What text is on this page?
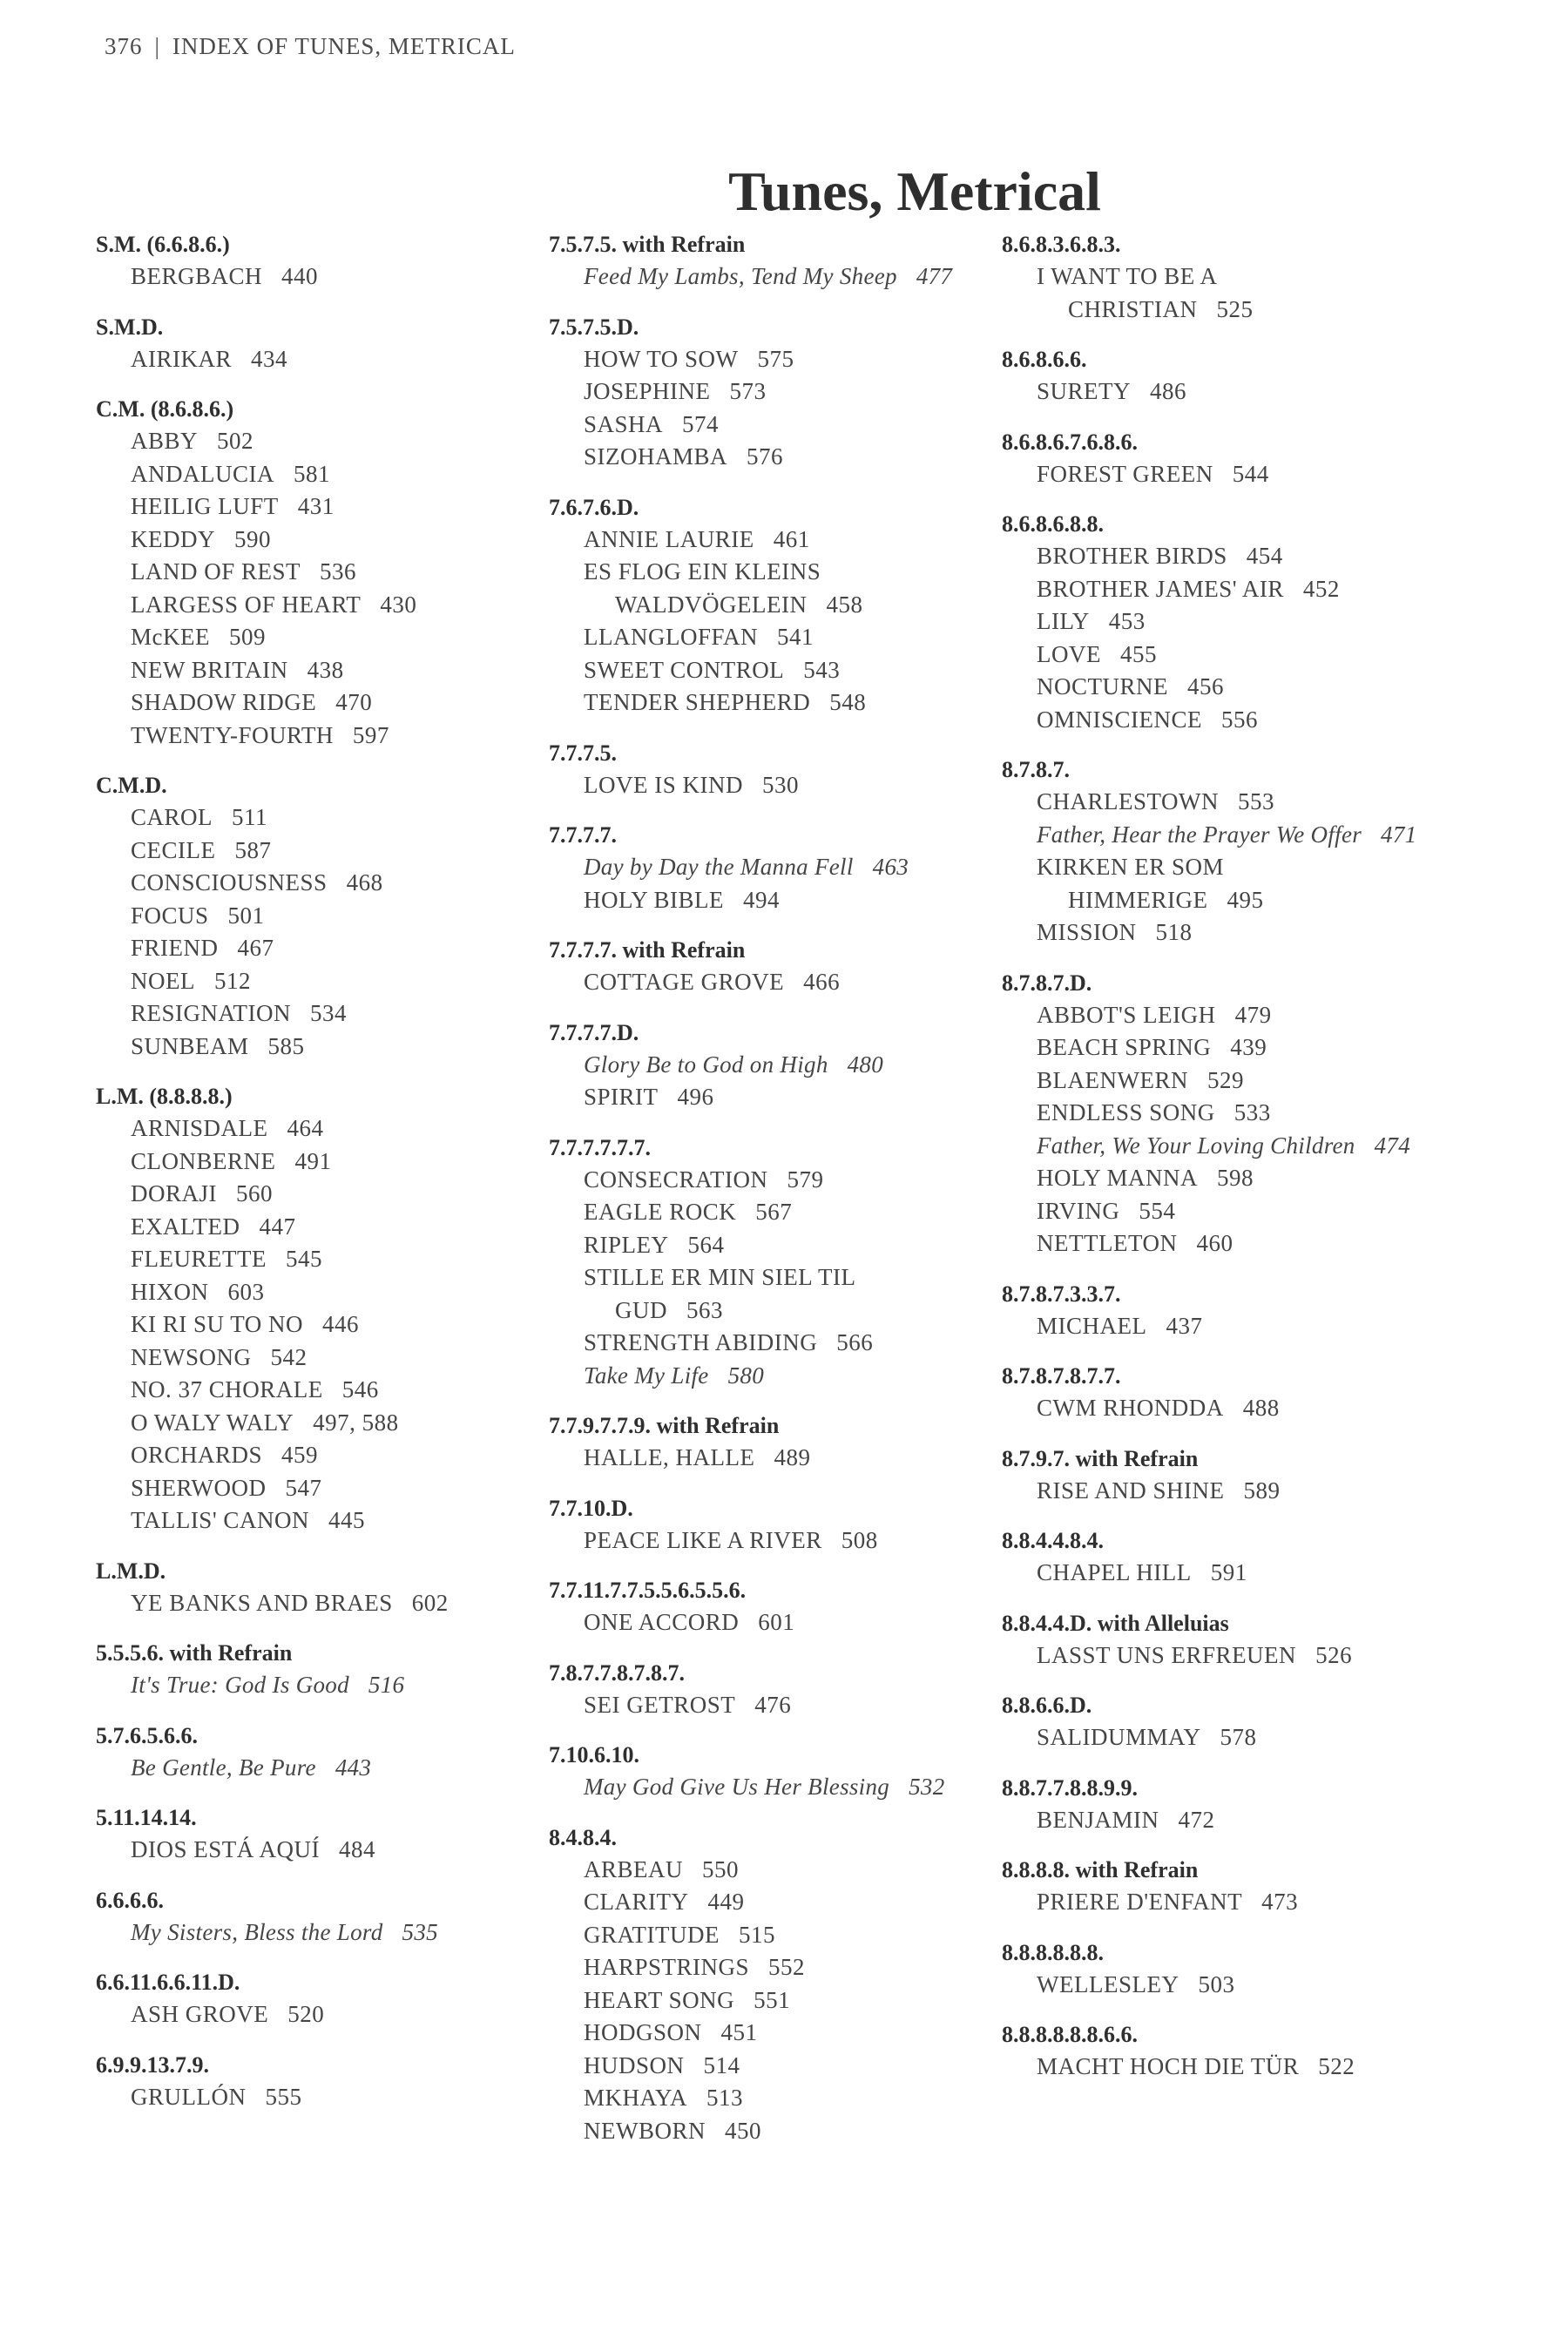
376 | INDEX OF TUNES, METRICAL
Tunes, Metrical
S.M. (6.6.8.6.)
BERGBACH 440
S.M.D.
AIRIKAR 434
C.M. (8.6.8.6.)
ABBY 502
ANDALUCIA 581
HEILIG LUFT 431
KEDDY 590
LAND OF REST 536
LARGESS OF HEART 430
McKEE 509
NEW BRITAIN 438
SHADOW RIDGE 470
TWENTY-FOURTH 597
C.M.D.
CAROL 511
CECILE 587
CONSCIOUSNESS 468
FOCUS 501
FRIEND 467
NOEL 512
RESIGNATION 534
SUNBEAM 585
L.M. (8.8.8.8.)
ARNISDALE 464
CLONBERNE 491
DORAJI 560
EXALTED 447
FLEURETTE 545
HIXON 603
KI RI SU TO NO 446
NEWSONG 542
NO. 37 CHORALE 546
O WALY WALY 497, 588
ORCHARDS 459
SHERWOOD 547
TALLIS' CANON 445
L.M.D.
YE BANKS AND BRAES 602
5.5.5.6. with Refrain
It's True: God Is Good 516
5.7.6.5.6.6.
Be Gentle, Be Pure 443
5.11.14.14.
DIOS ESTÁ AQUÍ 484
6.6.6.6.
My Sisters, Bless the Lord 535
6.6.11.6.6.11.D.
ASH GROVE 520
6.9.9.13.7.9.
GRULLÓN 555
7.5.7.5. with Refrain
Feed My Lambs, Tend My Sheep 477
7.5.7.5.D.
HOW TO SOW 575
JOSEPHINE 573
SASHA 574
SIZOHAMBA 576
7.6.7.6.D.
ANNIE LAURIE 461
ES FLOG EIN KLEINS
WALDVÖGELEIN 458
LLANGLOFFAN 541
SWEET CONTROL 543
TENDER SHEPHERD 548
7.7.7.5.
LOVE IS KIND 530
7.7.7.7.
Day by Day the Manna Fell 463
HOLY BIBLE 494
7.7.7.7. with Refrain
COTTAGE GROVE 466
7.7.7.7.D.
Glory Be to God on High 480
SPIRIT 496
7.7.7.7.7.7.
CONSECRATION 579
EAGLE ROCK 567
RIPLEY 564
STILLE ER MIN SIEL TIL
GUD 563
STRENGTH ABIDING 566
Take My Life 580
7.7.9.7.7.9. with Refrain
HALLE, HALLE 489
7.7.10.D.
PEACE LIKE A RIVER 508
7.7.11.7.7.5.5.6.5.5.6.
ONE ACCORD 601
7.8.7.7.8.7.8.7.
SEI GETROST 476
7.10.6.10.
May God Give Us Her Blessing 532
8.4.8.4.
ARBEAU 550
CLARITY 449
GRATITUDE 515
HARPSTRINGS 552
HEART SONG 551
HODGSON 451
HUDSON 514
MKHAYA 513
NEWBORN 450
8.6.8.3.6.8.3.
I WANT TO BE A
CHRISTIAN 525
8.6.8.6.6.
SURETY 486
8.6.8.6.7.6.8.6.
FOREST GREEN 544
8.6.8.6.8.8.
BROTHER BIRDS 454
BROTHER JAMES' AIR 452
LILY 453
LOVE 455
NOCTURNE 456
OMNISCIENCE 556
8.7.8.7.
CHARLESTOWN 553
Father, Hear the Prayer We Offer 471
KIRKEN ER SOM
HIMMERIGE 495
MISSION 518
8.7.8.7.D.
ABBOT'S LEIGH 479
BEACH SPRING 439
BLAENWERN 529
ENDLESS SONG 533
Father, We Your Loving Children 474
HOLY MANNA 598
IRVING 554
NETTLETON 460
8.7.8.7.3.3.7.
MICHAEL 437
8.7.8.7.8.7.7.
CWM RHONDDA 488
8.7.9.7. with Refrain
RISE AND SHINE 589
8.8.4.4.8.4.
CHAPEL HILL 591
8.8.4.4.D. with Alleluias
LASST UNS ERFREUEN 526
8.8.6.6.D.
SALIDUMMAY 578
8.8.7.7.8.8.9.9.
BENJAMIN 472
8.8.8.8. with Refrain
PRIERE D'ENFANT 473
8.8.8.8.8.8.
WELLESLEY 503
8.8.8.8.8.8.6.6.
MACHT HOCH DIE TÜR 522
